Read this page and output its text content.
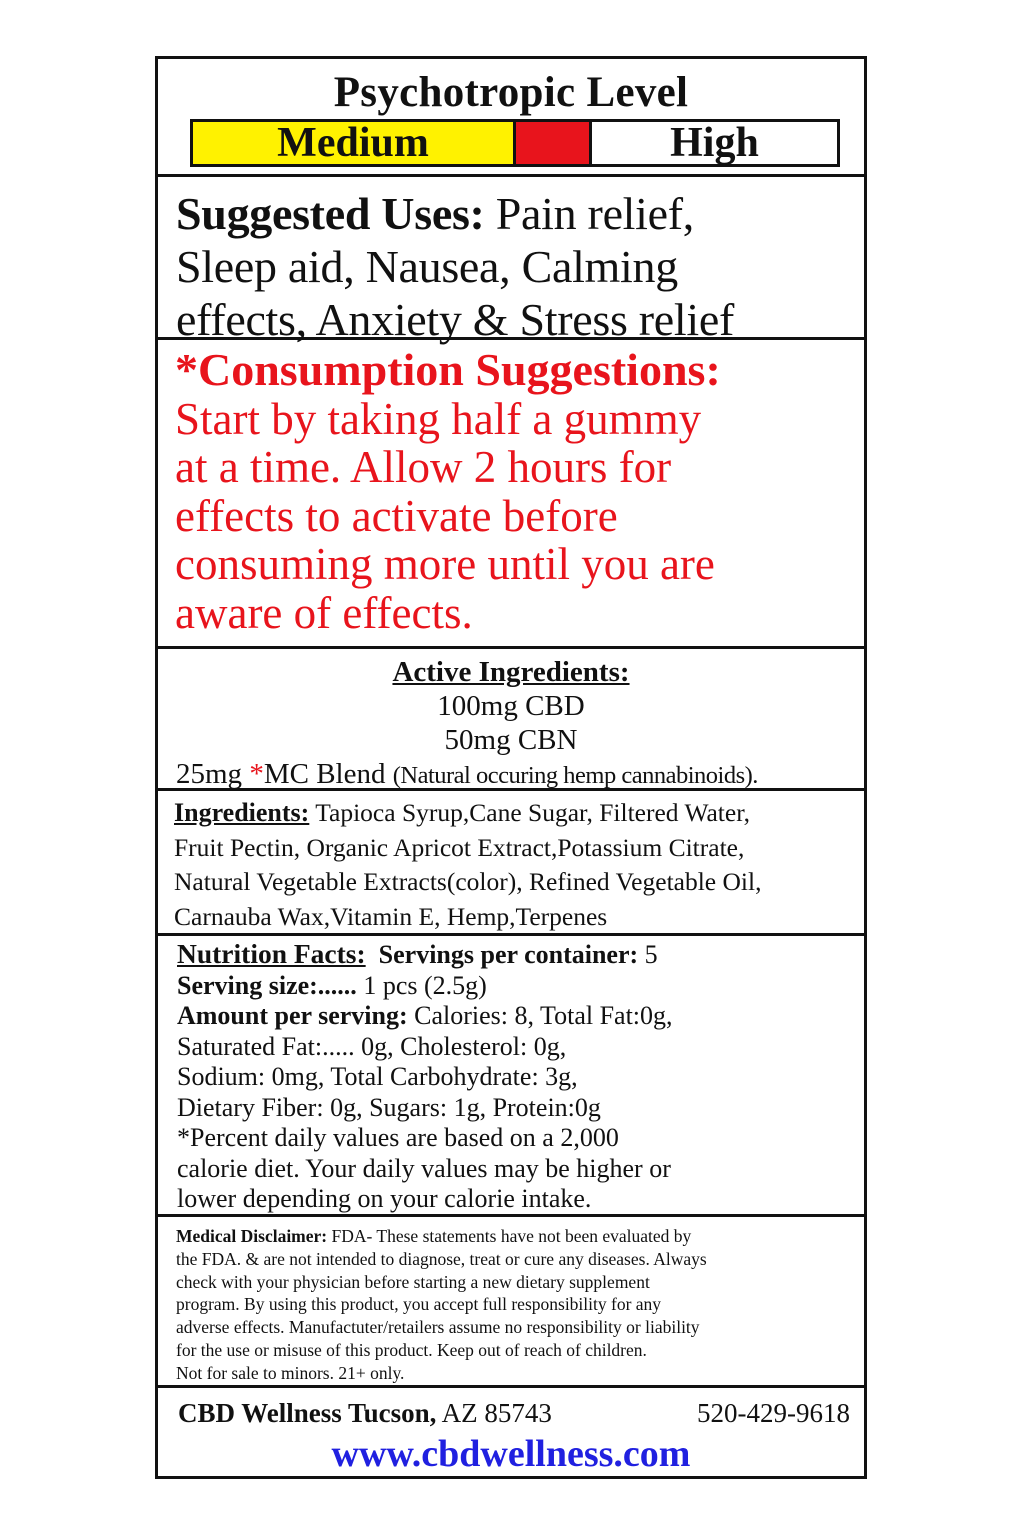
Psychotropic Level
Medium	High
Suggested Uses: Pain relief,
Sleep aid, Nausea, Calming
effects, Anxiety & Stress relief
*Consumption Suggestions:
Start by taking half a gummy
at a time. Allow 2 hours for
effects to activate before
consuming more until you are
aware of effects.
Active Ingredients:
100mg CBD
50mg CBN
25mg *MC Blend (Natural occuring hemp cannabinoids).
Ingredients: Tapioca Syrup,Cane Sugar, Filtered Water,
Fruit Pectin, Organic Apricot Extract,Potassium Citrate,
Natural Vegetable Extracts(color), Refined Vegetable Oil,
Carnauba Wax,Vitamin E, Hemp,Terpenes
Nutrition Facts: Servings per container: 5
Serving size:...... 1 pcs (2.5g)
Amount per serving: Calories: 8, Total Fat:0g,
Saturated Fat:..... 0g, Cholesterol: 0g,
Sodium: 0mg, Total Carbohydrate: 3g,
Dietary Fiber: 0g, Sugars: 1g, Protein:0g
*Percent daily values are based on a 2,000
calorie diet. Your daily values may be higher or
lower depending on your calorie intake.
Medical Disclaimer: FDA- These statements have not been evaluated by
the FDA. & are not intended to diagnose, treat or cure any diseases. Always
check with your physician before starting a new dietary supplement
program. By using this product, you accept full responsibility for any
adverse effects. Manufactuter/retailers assume no responsibility or liability
for the use or misuse of this product. Keep out of reach of children.
Not for sale to minors. 21+ only.
CBD Wellness Tucson, AZ 85743	520-429-9618
www.cbdwellness.com
